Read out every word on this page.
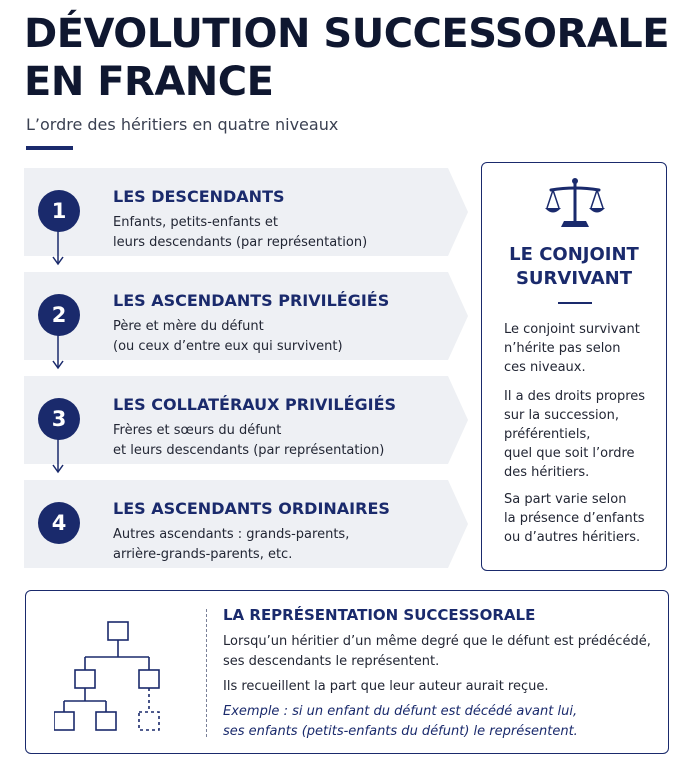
DÉVOLUTION SUCCESSORALE
EN FRANCE
L’ordre des héritiers en quatre niveaux
1
LES DESCENDANTS
Enfants, petits-enfants et
leurs descendants (par représentation)
2
LES ASCENDANTS PRIVILÉGIÉS
Père et mère du défunt
(ou ceux d’entre eux qui survivent)
3
LES COLLATÉRAUX PRIVILÉGIÉS
Frères et sœurs du défunt
et leurs descendants (par représentation)
4
LES ASCENDANTS ORDINAIRES
Autres ascendants : grands-parents,
arrière-grands-parents, etc.
LE CONJOINT
SURVIVANT
Le conjoint survivant
n’hérite pas selon
ces niveaux.
Il a des droits propres
sur la succession,
préférentiels,
quel que soit l’ordre
des héritiers.
Sa part varie selon
la présence d’enfants
ou d’autres héritiers.
LA REPRÉSENTATION SUCCESSORALE
Lorsqu’un héritier d’un même degré que le défunt est prédécédé,
ses descendants le représentent.
Ils recueillent la part que leur auteur aurait reçue.
Exemple : si un enfant du défunt est décédé avant lui,
ses enfants (petits-enfants du défunt) le représentent.
